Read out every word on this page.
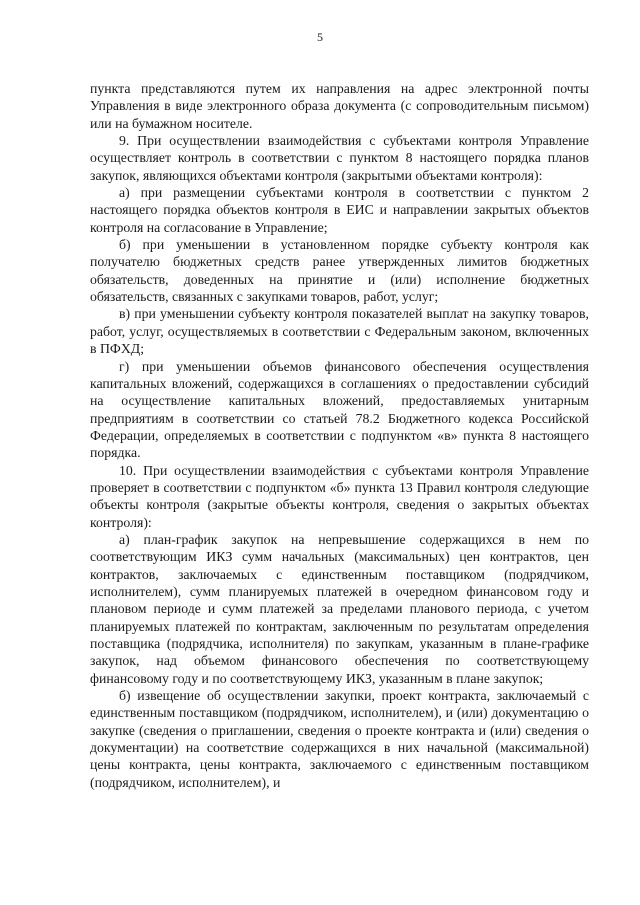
5

пункта представляются путем их направления на адрес электронной почты Управления в виде электронного образа документа (с сопроводительным письмом) или на бумажном носителе.

9. При осуществлении взаимодействия с субъектами контроля Управление осуществляет контроль в соответствии с пунктом 8 настоящего порядка планов закупок, являющихся объектами контроля (закрытыми объектами контроля):

а) при размещении субъектами контроля в соответствии с пунктом 2 настоящего порядка объектов контроля в ЕИС и направлении закрытых объектов контроля на согласование в Управление;

б) при уменьшении в установленном порядке субъекту контроля как получателю бюджетных средств ранее утвержденных лимитов бюджетных обязательств, доведенных на принятие и (или) исполнение бюджетных обязательств, связанных с закупками товаров, работ, услуг;

в) при уменьшении субъекту контроля показателей выплат на закупку товаров, работ, услуг, осуществляемых в соответствии с Федеральным законом, включенных в ПФХД;

г) при уменьшении объемов финансового обеспечения осуществления капитальных вложений, содержащихся в соглашениях о предоставлении субсидий на осуществление капитальных вложений, предоставляемых унитарным предприятиям в соответствии со статьей 78.2 Бюджетного кодекса Российской Федерации, определяемых в соответствии с подпунктом «в» пункта 8 настоящего порядка.

10. При осуществлении взаимодействия с субъектами контроля Управление проверяет в соответствии с подпунктом «б» пункта 13 Правил контроля следующие объекты контроля (закрытые объекты контроля, сведения о закрытых объектах контроля):

а) план-график закупок на непревышение содержащихся в нем по соответствующим ИКЗ сумм начальных (максимальных) цен контрактов, цен контрактов, заключаемых с единственным поставщиком (подрядчиком, исполнителем), сумм планируемых платежей в очередном финансовом году и плановом периоде и сумм платежей за пределами планового периода, с учетом планируемых платежей по контрактам, заключенным по результатам определения поставщика (подрядчика, исполнителя) по закупкам, указанным в плане-графике закупок, над объемом финансового обеспечения по соответствующему финансовому году и по соответствующему ИКЗ, указанным в плане закупок;

б) извещение об осуществлении закупки, проект контракта, заключаемый с единственным поставщиком (подрядчиком, исполнителем), и (или) документацию о закупке (сведения о приглашении, сведения о проекте контракта и (или) сведения о документации) на соответствие содержащихся в них начальной (максимальной) цены контракта, цены контракта, заключаемого с единственным поставщиком (подрядчиком, исполнителем), и
